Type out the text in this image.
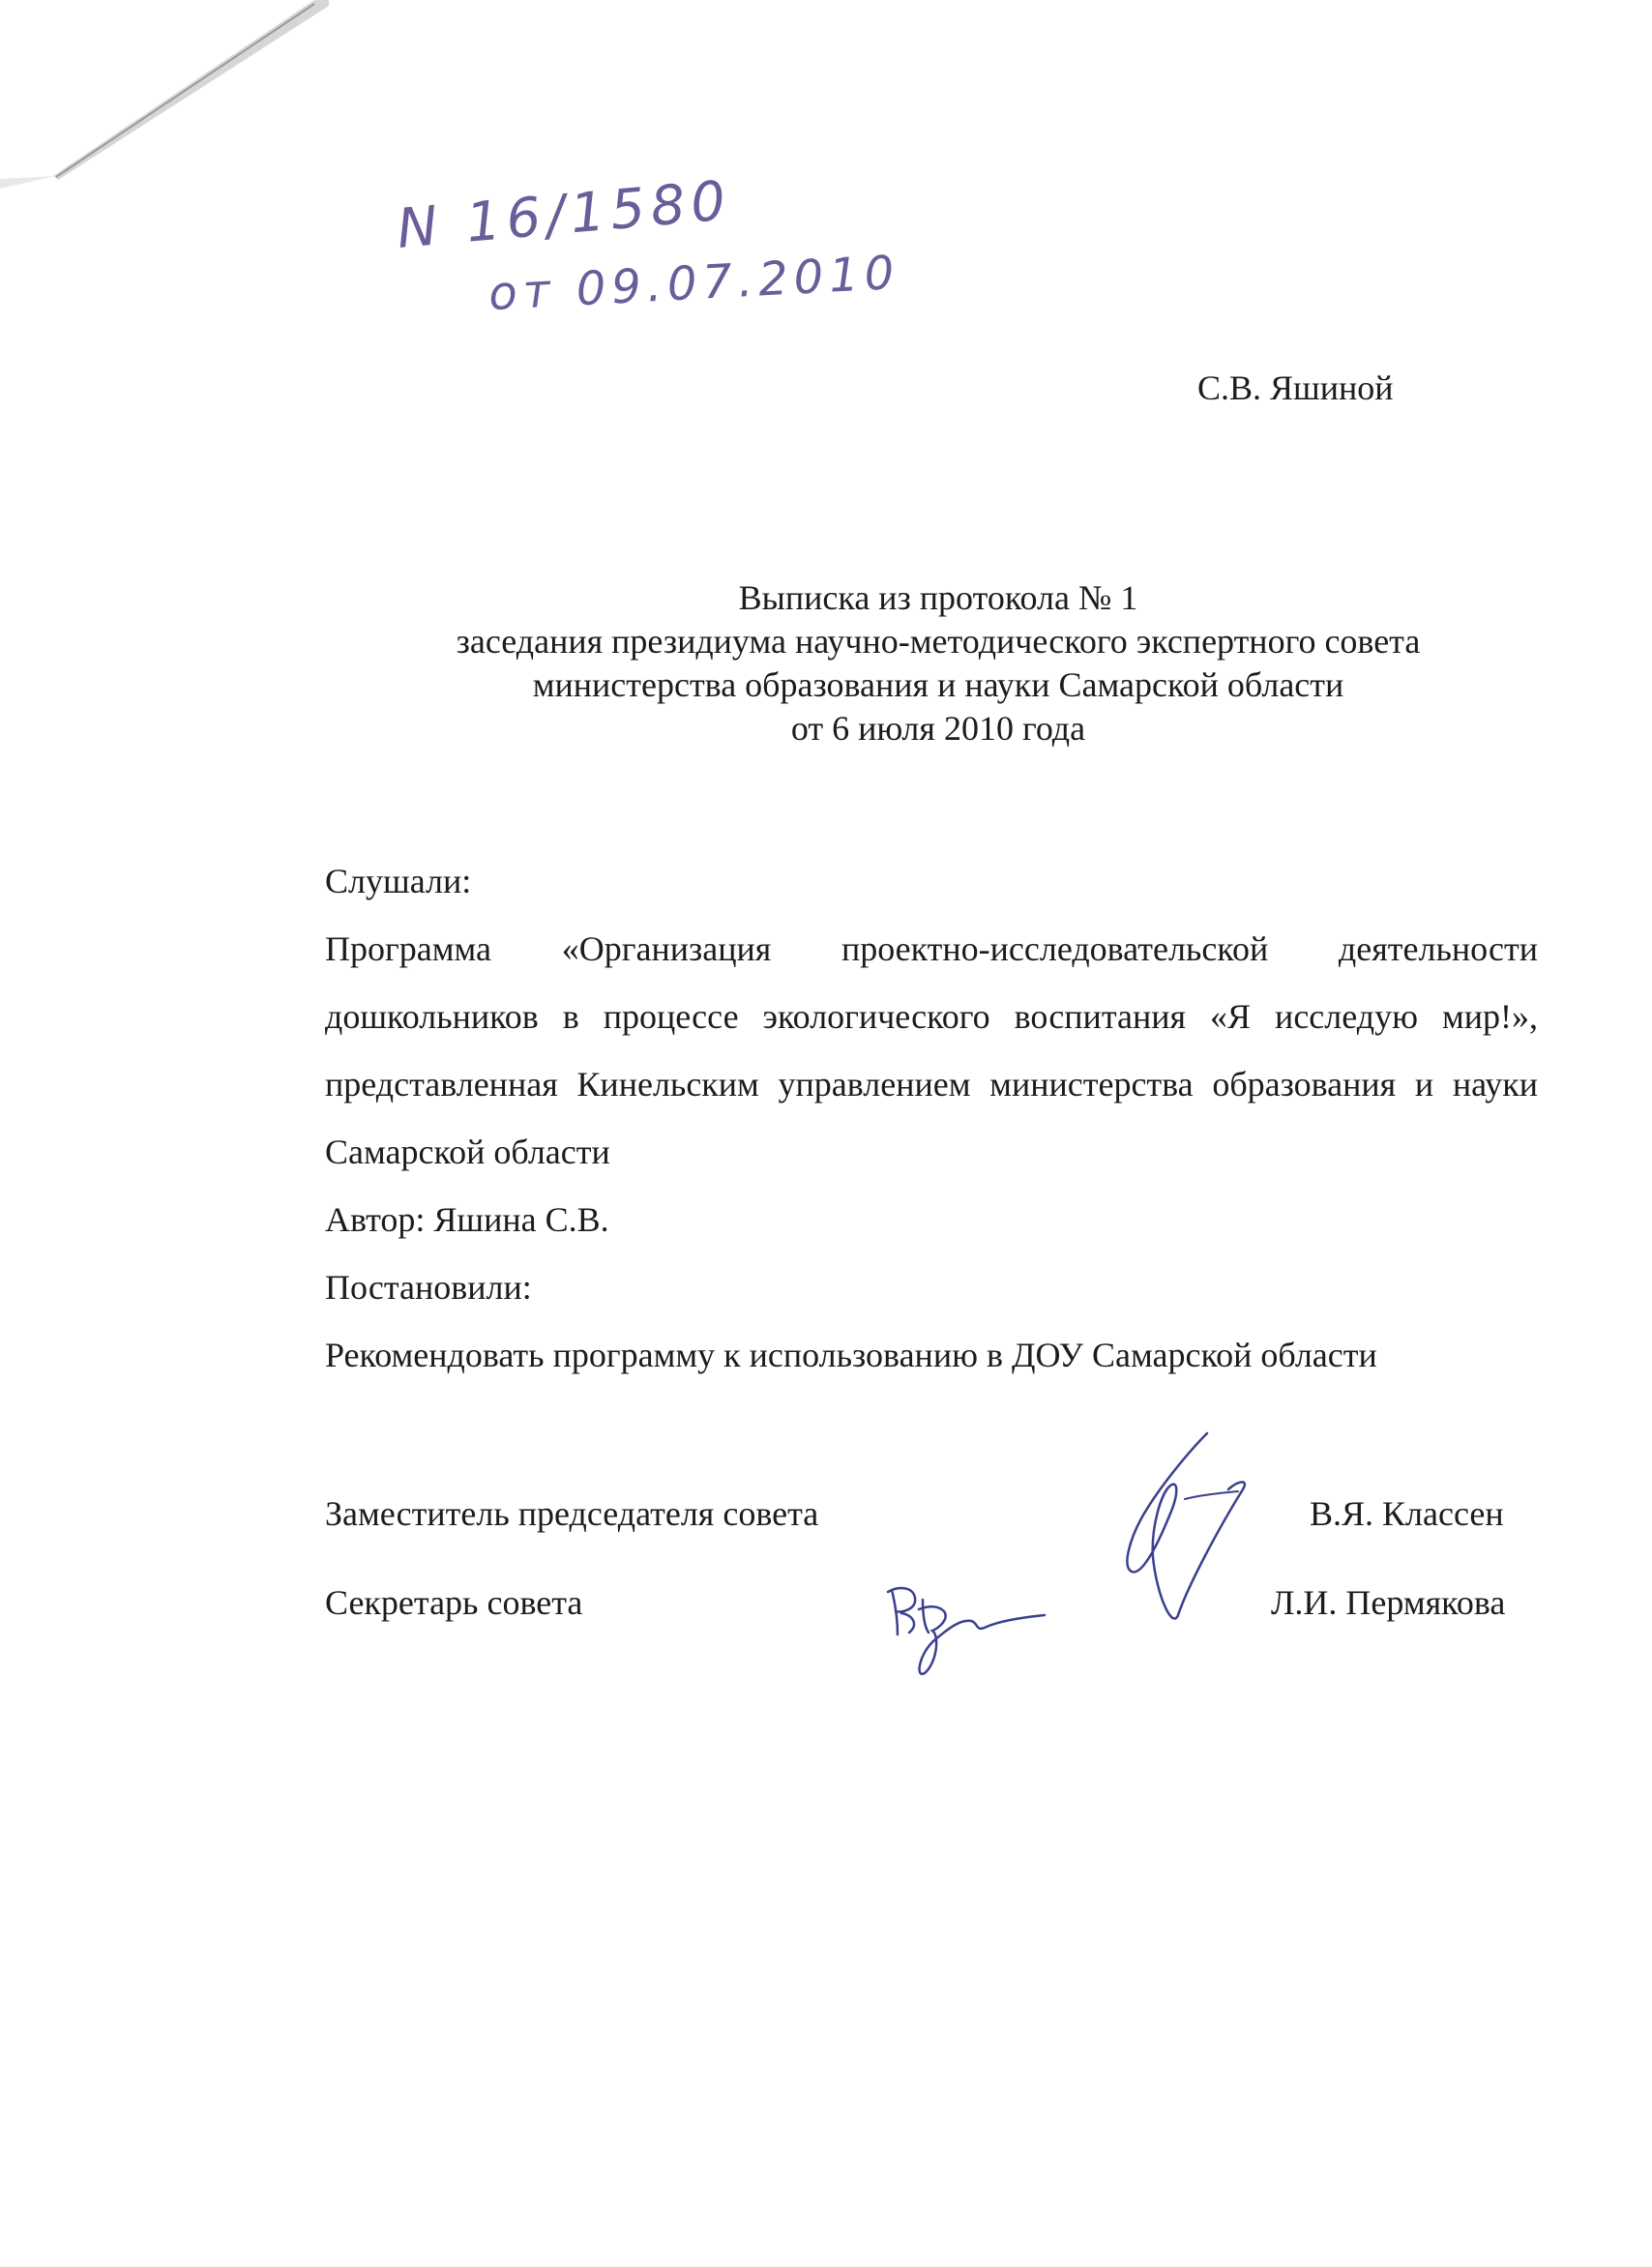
N 16/1580
от 09.07.2010
С.В. Яшиной
Выписка из протокола № 1
заседания президиума научно-методического экспертного совета
министерства образования и науки Самарской области
от 6 июля 2010 года

Слушали:

Программа «Организация проектно-исследовательской деятельности дошкольников в процессе экологического воспитания «Я исследую мир!», представленная Кинельским управлением министерства образования и науки Самарской области

Автор: Яшина С.В.

Постановили:

Рекомендовать программу к использованию в ДОУ Самарской области

Заместитель председателя совета	В.Я. Классен
Секретарь совета	Л.И. Пермякова
